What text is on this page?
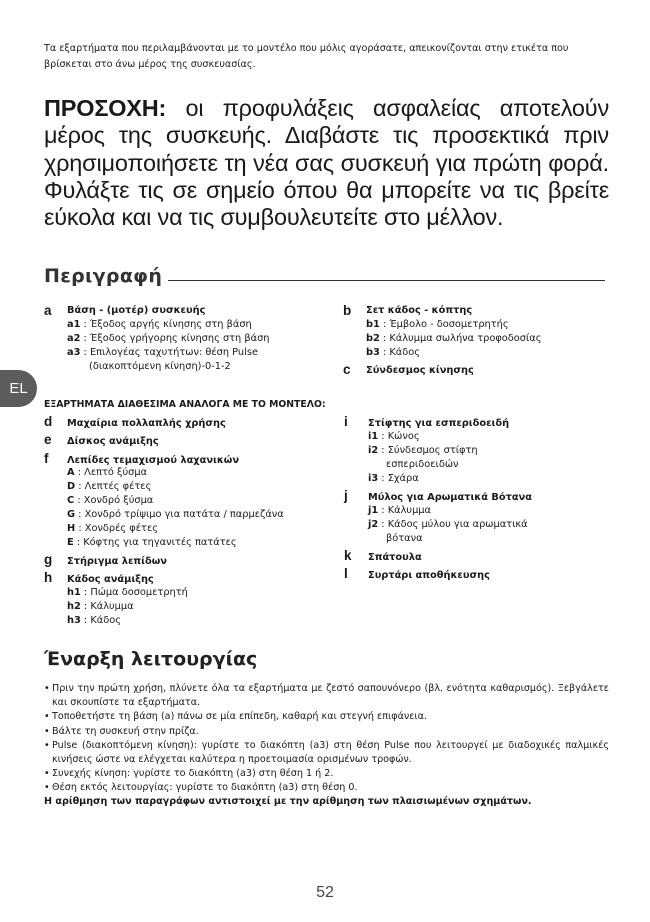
Τα εξαρτήματα που περιλαμβάνονται με το μοντέλο που μόλις αγοράσατε, απεικονίζονται στην ετικέτα που βρίσκεται στο άνω μέρος της συσκευασίας.
ΠΡΟΣΟΧΗ: οι προφυλάξεις ασφαλείας αποτελούν μέρος της συσκευής. Διαβάστε τις προσεκτικά πριν χρησιμοποιήσετε τη νέα σας συσκευή για πρώτη φορά. Φυλάξτε τις σε σημείο όπου θα μπορείτε να τις βρείτε εύκολα και να τις συμβουλευτείτε στο μέλλον.
Περιγραφή
EL
a Βάση - (μοτέρ) συσκευής
a1 : Έξοδος αργής κίνησης στη βάση
a2 : Έξοδος γρήγορης κίνησης στη βάση
a3 : Επιλογέας ταχυτήτων: θέση Pulse
(διακοπτόμενη κίνηση)-0-1-2
b Σετ κάδος - κόπτης
b1 : Έμβολο - δοσομετρητής
b2 : Κάλυμμα σωλήνα τροφοδοσίας
b3 : Κάδος
c Σύνδεσμος κίνησης
ΕΞΑΡΤΗΜΑΤΑ ΔΙΑΘΕΣΙΜΑ ΑΝΑΛΟΓΑ ΜΕ ΤΟ ΜΟΝΤΕΛΟ:
d Μαχαίρια πολλαπλής χρήσης
e Δίσκος ανάμιξης
f Λεπίδες τεμαχισμού λαχανικών
A : Λεπτό ξύσμα
D : Λεπτές φέτες
C : Χονδρό ξύσμα
G : Χονδρό τρίψιμο για πατάτα / παρμεζάνα
H : Χονδρές φέτες
E : Κόφτης για τηγανιτές πατάτες
g Στήριγμα λεπίδων
h Κάδος ανάμιξης
h1 : Πώμα δοσομετρητή
h2 : Κάλυμμα
h3 : Κάδος
i Στίφτης για εσπεριδοειδή
i1 : Κώνος
i2 : Σύνδεσμος στίφτη
εσπεριδοειδών
i3 : Σχάρα
j Μύλος για Αρωματικά Βότανα
j1 : Κάλυμμα
j2 : Κάδος μύλου για αρωματικά
βότανα
k Σπάτουλα
l Συρτάρι αποθήκευσης
Έναρξη λειτουργίας
• Πριν την πρώτη χρήση, πλύνετε όλα τα εξαρτήματα με ζεστό σαπουνόνερο (βλ. ενότητα καθαρισμός). Ξεβγάλετε και σκουπίστε τα εξαρτήματα.
• Τοποθετήστε τη βάση (a) πάνω σε μία επίπεδη, καθαρή και στεγνή επιφάνεια.
• Βάλτε τη συσκευή στην πρίζα.
• Pulse (διακοπτόμενη κίνηση): γυρίστε το διακόπτη (a3) στη θέση Pulse που λειτουργεί με διαδοχικές παλμικές κινήσεις ώστε να ελέγχεται καλύτερα η προετοιμασία ορισμένων τροφών.
• Συνεχής κίνηση: γυρίστε το διακόπτη (a3) στη θέση 1 ή 2.
• Θέση εκτός λειτουργίας: γυρίστε το διακόπτη (a3) στη θέση 0.
Η αρίθμηση των παραγράφων αντιστοιχεί με την αρίθμηση των πλαισιωμένων σχημάτων.
52
